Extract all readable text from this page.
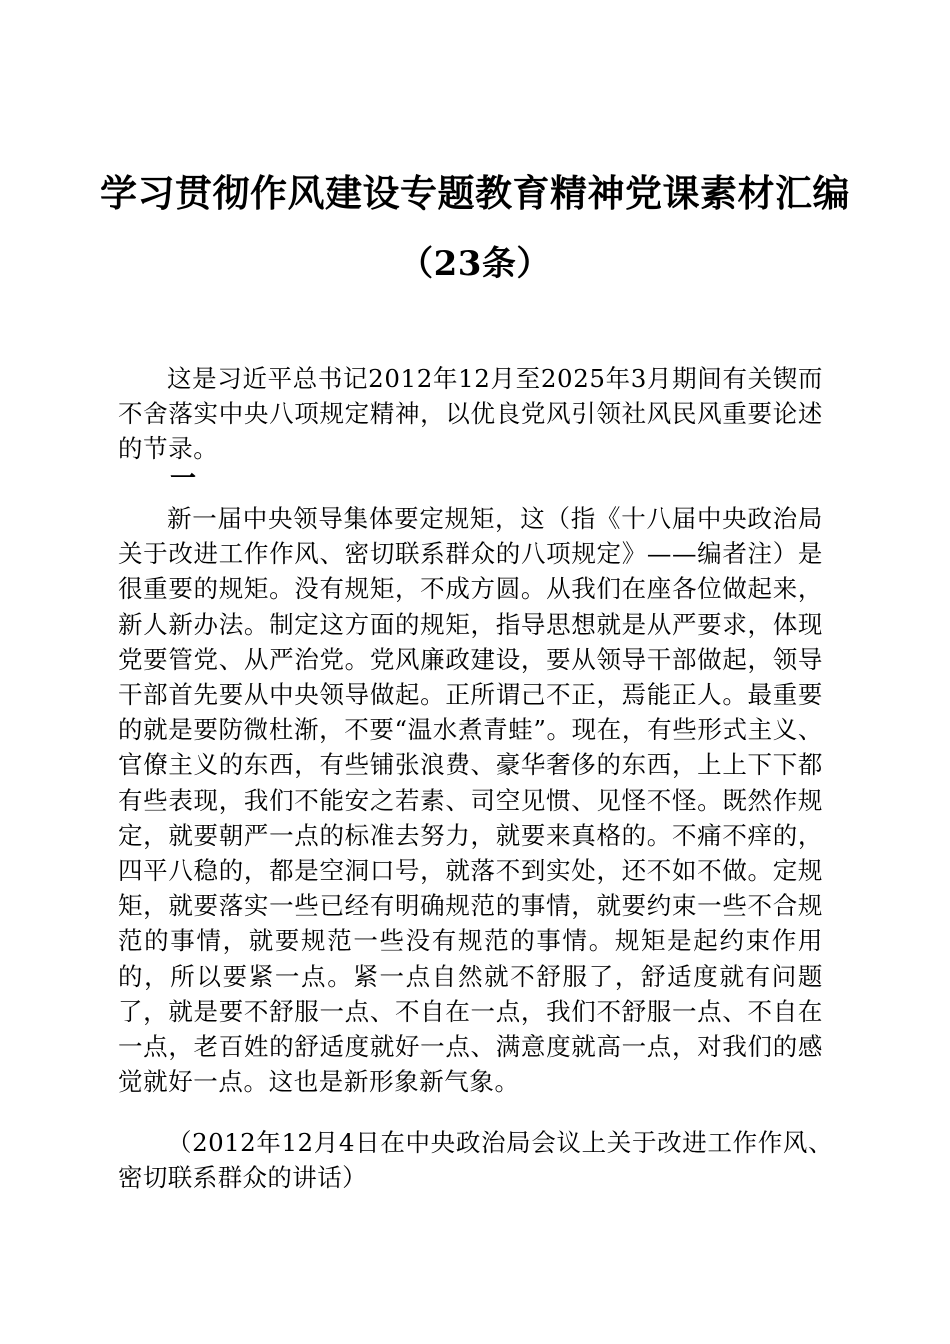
学习贯彻作风建设专题教育精神党课素材汇编
（23条）

这是习近平总书记2012年12月至2025年3月期间有关锲而不舍落实中央八项规定精神，以优良党风引领社风民风重要论述的节录。

一

新一届中央领导集体要定规矩，这（指《十八届中央政治局关于改进工作作风、密切联系群众的八项规定》——编者注）是很重要的规矩。没有规矩，不成方圆。从我们在座各位做起来，新人新办法。制定这方面的规矩，指导思想就是从严要求，体现党要管党、从严治党。党风廉政建设，要从领导干部做起，领导干部首先要从中央领导做起。正所谓己不正，焉能正人。最重要的就是要防微杜渐，不要“温水煮青蛙”。现在，有些形式主义、官僚主义的东西，有些铺张浪费、豪华奢侈的东西，上上下下都有些表现，我们不能安之若素、司空见惯、见怪不怪。既然作规定，就要朝严一点的标准去努力，就要来真格的。不痛不痒的，四平八稳的，都是空洞口号，就落不到实处，还不如不做。定规矩，就要落实一些已经有明确规范的事情，就要约束一些不合规范的事情，就要规范一些没有规范的事情。规矩是起约束作用的，所以要紧一点。紧一点自然就不舒服了，舒适度就有问题了，就是要不舒服一点、不自在一点，我们不舒服一点、不自在一点，老百姓的舒适度就好一点、满意度就高一点，对我们的感觉就好一点。这也是新形象新气象。

（2012年12月4日在中央政治局会议上关于改进工作作风、密切联系群众的讲话）
